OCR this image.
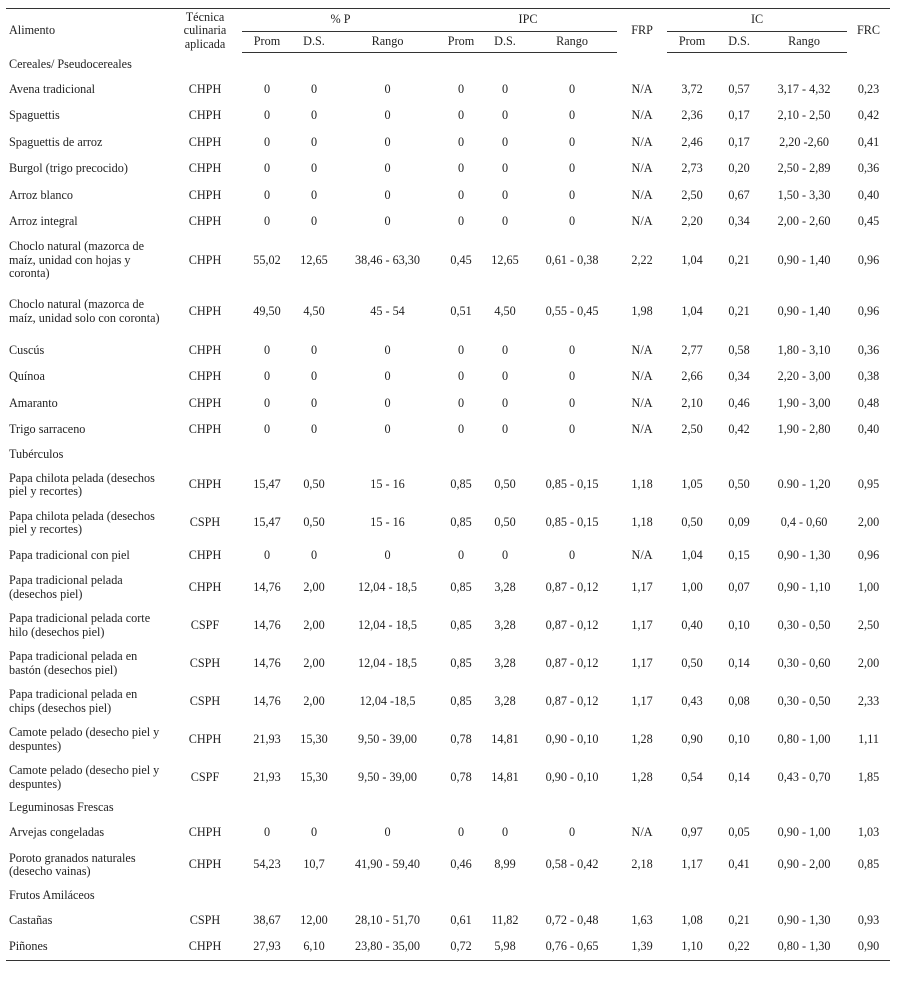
Alimento	Técnica culinaria aplicada	% P			IPC			FRP	IC			FRC
		Prom	D.S.	Rango	Prom	D.S.	Rango		Prom	D.S.	Rango	
Cereales/ Pseudocereales												
Avena tradicional	CHPH	0	0	0	0	0	0	N/A	3,72	0,57	3,17 - 4,32	0,23
Spaguettis	CHPH	0	0	0	0	0	0	N/A	2,36	0,17	2,10 - 2,50	0,42
Spaguettis de arroz	CHPH	0	0	0	0	0	0	N/A	2,46	0,17	2,20 -2,60	0,41
Burgol (trigo precocido)	CHPH	0	0	0	0	0	0	N/A	2,73	0,20	2,50 - 2,89	0,36
Arroz blanco	CHPH	0	0	0	0	0	0	N/A	2,50	0,67	1,50 - 3,30	0,40
Arroz integral	CHPH	0	0	0	0	0	0	N/A	2,20	0,34	2,00 - 2,60	0,45
Choclo natural (mazorca de maíz, unidad con hojas y coronta)	CHPH	55,02	12,65	38,46 - 63,30	0,45	12,65	0,61 - 0,38	2,22	1,04	0,21	0,90 - 1,40	0,96
Choclo natural (mazorca de maíz, unidad solo con coronta)	CHPH	49,50	4,50	45 - 54	0,51	4,50	0,55 - 0,45	1,98	1,04	0,21	0,90 - 1,40	0,96
Cuscús	CHPH	0	0	0	0	0	0	N/A	2,77	0,58	1,80 - 3,10	0,36
Quínoa	CHPH	0	0	0	0	0	0	N/A	2,66	0,34	2,20 - 3,00	0,38
Amaranto	CHPH	0	0	0	0	0	0	N/A	2,10	0,46	1,90 - 3,00	0,48
Trigo sarraceno	CHPH	0	0	0	0	0	0	N/A	2,50	0,42	1,90 - 2,80	0,40
Tubérculos												
Papa chilota pelada (desechos piel y recortes)	CHPH	15,47	0,50	15 - 16	0,85	0,50	0,85 - 0,15	1,18	1,05	0,50	0.90 - 1,20	0,95
Papa chilota pelada (desechos piel y recortes)	CSPH	15,47	0,50	15 - 16	0,85	0,50	0,85 - 0,15	1,18	0,50	0,09	0,4 - 0,60	2,00
Papa tradicional con piel	CHPH	0	0	0	0	0	0	N/A	1,04	0,15	0,90 - 1,30	0,96
Papa tradicional pelada (desechos piel)	CHPH	14,76	2,00	12,04 - 18,5	0,85	3,28	0,87 - 0,12	1,17	1,00	0,07	0,90 - 1,10	1,00
Papa tradicional pelada corte hilo (desechos piel)	CSPF	14,76	2,00	12,04 - 18,5	0,85	3,28	0,87 - 0,12	1,17	0,40	0,10	0,30 - 0,50	2,50
Papa tradicional pelada en bastón (desechos piel)	CSPH	14,76	2,00	12,04 - 18,5	0,85	3,28	0,87 - 0,12	1,17	0,50	0,14	0,30 - 0,60	2,00
Papa tradicional pelada en chips (desechos piel)	CSPH	14,76	2,00	12,04 -18,5	0,85	3,28	0,87 - 0,12	1,17	0,43	0,08	0,30 - 0,50	2,33
Camote pelado (desecho piel y despuntes)	CHPH	21,93	15,30	9,50 - 39,00	0,78	14,81	0,90 - 0,10	1,28	0,90	0,10	0,80 - 1,00	1,11
Camote pelado (desecho piel y despuntes)	CSPF	21,93	15,30	9,50 - 39,00	0,78	14,81	0,90 - 0,10	1,28	0,54	0,14	0,43 - 0,70	1,85
Leguminosas Frescas												
Arvejas congeladas	CHPH	0	0	0	0	0	0	N/A	0,97	0,05	0,90 - 1,00	1,03
Poroto granados naturales (desecho vainas)	CHPH	54,23	10,7	41,90 - 59,40	0,46	8,99	0,58 - 0,42	2,18	1,17	0,41	0,90 - 2,00	0,85
Frutos Amiláceos												
Castañas	CSPH	38,67	12,00	28,10 - 51,70	0,61	11,82	0,72 - 0,48	1,63	1,08	0,21	0,90 - 1,30	0,93
Piñones	CHPH	27,93	6,10	23,80 - 35,00	0,72	5,98	0,76 - 0,65	1,39	1,10	0,22	0,80 - 1,30	0,90
